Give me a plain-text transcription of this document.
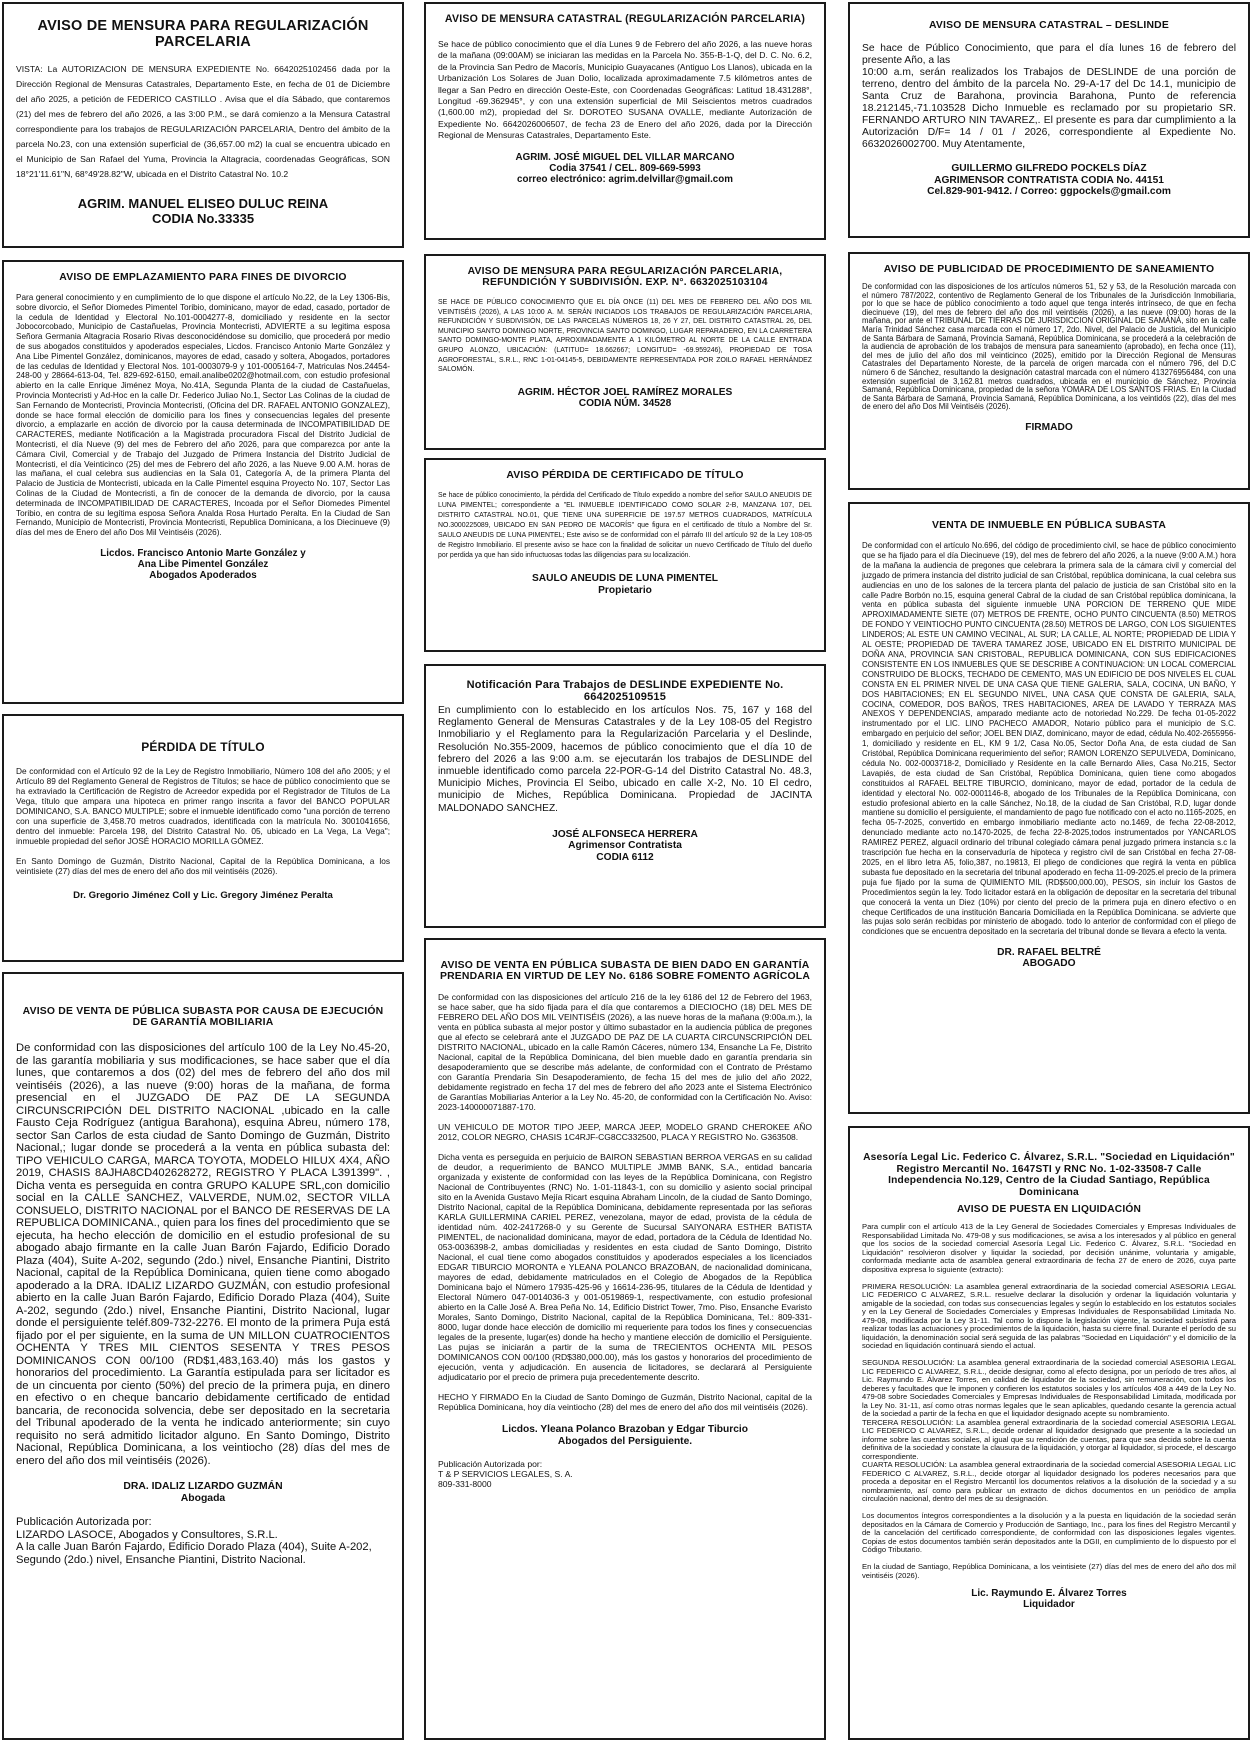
AVISO DE MENSURA PARA REGULARIZACIÓN PARCELARIA
VISTA: La AUTORIZACION DE MENSURA EXPEDIENTE No. 6642025102456 dada por la Dirección Regional de Mensuras Catastrales, Departamento Este, en fecha de 01 de Diciembre del año 2025, a petición de FEDERICO CASTILLO . Avisa que el día Sábado, que contaremos (21) del mes de febrero del año 2026, a las 3:00 P.M., se dará comienzo a la Mensura Catastral correspondiente para los trabajos de REGULARIZACIÓN PARCELARIA, Dentro del ámbito de la parcela No.23, con una extensión superficial de (36,657.00 m2) la cual se encuentra ubicado en el Municipio de San Rafael del Yuma, Provincia la Altagracia, coordenadas Geográficas, SON 18°21'11.61"N, 68°49'28.82"W, ubicada en el Distrito Catastral No. 10.2
AGRIM. MANUEL ELISEO DULUC REINA
CODIA No.33335
AVISO DE EMPLAZAMIENTO PARA FINES DE DIVORCIO
Para general conocimiento y en cumplimiento de lo que dispone el artículo No.22, de la Ley 1306-Bis, sobre divorcio, el Señor Diomedes Pimentel Toribio, dominicano, mayor de edad, casado, portador de la cedula de Identidad y Electoral No.101-0004277-8, domiciliado y residente en la sector Jobocorcobado, Municipio de Castañuelas, Provincia Montecristi, ADVIERTE a su legitima esposa Señora Germania Altagracia Rosario Rivas desconocidéndose su domicilio, que procederá por medio de sus abogados constituidos y apoderados especiales, Licdos. Francisco Antonio Marte González y Ana Libe Pimentel González, dominicanos, mayores de edad, casado y soltera, Abogados, portadores de las cedulas de Identidad y Electoral Nos. 101-0003079-9 y 101-0005164-7, Matriculas Nos.24454-248-00 y 28664-613-04, Tel. 829-692-6150, email.analibe0202@hotmail.com, con estudio profesional abierto en la calle Enrique Jiménez Moya, No.41A, Segunda Planta de la ciudad de Castañuelas, Provincia Montecristi y Ad-Hoc en la calle Dr. Federico Juliao No.1, Sector Las Colinas de la ciudad de San Fernando de Montecristi, Provincia Montecristi, (Oficina del DR. RAFAEL ANTONIO GONZALEZ), donde se hace formal elección de domicilio para los fines y consecuencias legales del presente divorcio, a emplazarle en acción de divorcio por la causa determinada de INCOMPATIBILIDAD DE CARACTERES, mediante Notificación a la Magistrada procuradora Fiscal del Distrito Judicial de Montecristi, el día Nueve (9) del mes de Febrero del año 2026, para que comparezca por ante la Cámara Civil, Comercial y de Trabajo del Juzgado de Primera Instancia del Distrito Judicial de Montecristi, el día Veinticinco (25) del mes de Febrero del año 2026, a las Nueve 9.00 A.M. horas de las mañana, el cual celebra sus audiencias en la Sala 01, Categoría A, de la primera Planta del Palacio de Justicia de Montecristi, ubicada en la Calle Pimentel esquina Proyecto No. 107, Sector Las Colinas de la Ciudad de Montecristi, a fin de conocer de la demanda de divorcio, por la causa determinada de INCOMPATIBILIDAD DE CARACTERES, Incoada por el Señor Diomedes Pimentel Toribio, en contra de su legítima esposa Señora Analda Rosa Hurtado Peralta. En la Ciudad de San Fernando, Municipio de Montecristi, Provincia Montecristi, Republica Dominicana, a los Diecinueve (9) días del mes de Enero del año Dos Mil Veintiséis (2026).
Licdos. Francisco Antonio Marte González y
Ana Libe Pimentel González
Abogados Apoderados
PÉRDIDA DE TÍTULO
De conformidad con el Artículo 92 de la Ley de Registro Inmobiliario, Número 108 del año 2005; y el Artículo 89 del Reglamento General de Registros de Títulos; se hace de público conocimiento que se ha extraviado la Certificación de Registro de Acreedor expedida por el Registrador de Títulos de La Vega, título que ampara una hipoteca en primer rango inscrita a favor del BANCO POPULAR DOMINICANO, S.A. BANCO MULTIPLE; sobre el inmueble identificado como "una porción de terreno con una superficie de 3,458.70 metros cuadrados, identificada con la matrícula No. 3001041656, dentro del inmueble: Parcela 198, del Distrito Catastral No. 05, ubicado en La Vega, La Vega"; inmueble propiedad del señor JOSÉ HORACIO MORILLA GÓMEZ.

En Santo Domingo de Guzmán, Distrito Nacional, Capital de la República Dominicana, a los veintisiete (27) días del mes de enero del año dos mil veintiséis (2026).
Dr. Gregorio Jiménez Coll y Lic. Gregory Jiménez Peralta
AVISO DE VENTA DE PÚBLICA SUBASTA POR CAUSA DE EJECUCIÓN DE GARANTÍA MOBILIARIA
De conformidad con las disposiciones del artículo 100 de la Ley No.45-20, de las garantía mobiliaria y sus modificaciones, se hace saber que el día lunes, que contaremos a dos (02) del mes de febrero del año dos mil veintiséis (2026), a las nueve (9:00) horas de la mañana, de forma presencial en el JUZGADO DE PAZ DE LA SEGUNDA CIRCUNSCRIPCIÓN DEL DISTRITO NACIONAL ,ubicado en la calle Fausto Ceja Rodríguez (antigua Barahona), esquina Abreu, número 178, sector San Carlos de esta ciudad de Santo Domingo de Guzmán, Distrito Nacional,; lugar donde se procederá a la venta en pública subasta del: TIPO VEHICULO CARGA, MARCA TOYOTA, MODELO HILUX 4X4, AÑO 2019, CHASIS 8AJHA8CD402628272, REGISTRO Y PLACA L391399". , Dicha venta es perseguida en contra GRUPO KALUPE SRL,con domicilio social en la CALLE SANCHEZ, VALVERDE, NUM.02, SECTOR VILLA CONSUELO, DISTRITO NACIONAL por el BANCO DE RESERVAS DE LA REPUBLICA DOMINICANA., quien para los fines del procedimiento que se ejecuta, ha hecho elección de domicilio en el estudio profesional de su abogado abajo firmante en la calle Juan Barón Fajardo, Edificio Dorado Plaza (404), Suite A-202, segundo (2do.) nivel, Ensanche Piantini, Distrito Nacional, capital de la República Dominicana, quien tiene como abogado apoderado a la DRA. IDALIZ LIZARDO GUZMÁN, con estudio profesional abierto en la calle Juan Barón Fajardo, Edificio Dorado Plaza (404), Suite A-202, segundo (2do.) nivel, Ensanche Piantini, Distrito Nacional, lugar donde el persiguiente teléf.809-732-2276. El monto de la primera Puja está fijado por el per siguiente, en la suma de UN MILLON CUATROCIENTOS OCHENTA Y TRES MIL CIENTOS SESENTA Y TRES PESOS DOMINICANOS CON 00/100 (RD$1,483,163.40) más los gastos y honorarios del procedimiento. La Garantía estipulada para ser licitador es de un cincuenta por ciento (50%) del precio de la primera puja, en dinero en efectivo o en cheque bancario debidamente certificado de entidad bancaria, de reconocida solvencia, debe ser depositado en la secretaria del Tribunal apoderado de la venta he indicado anteriormente; sin cuyo requisito no será admitido licitador alguno. En Santo Domingo, Distrito Nacional, República Dominicana, a los veintiocho (28) días del mes de enero del año dos mil veintiséis (2026).
DRA. IDALIZ LIZARDO GUZMÁN
Abogada
Publicación Autorizada por:
LIZARDO LASOCE, Abogados y Consultores, S.R.L.
A la calle Juan Barón Fajardo, Edificio Dorado Plaza (404), Suite A-202, Segundo (2do.) nivel, Ensanche Piantini, Distrito Nacional.
AVISO DE MENSURA CATASTRAL (REGULARIZACIÓN PARCELARIA)
Se hace de público conocimiento que el día Lunes 9 de Febrero del año 2026, a las nueve horas de la mañana (09:00AM) se iniciaran las medidas en la Parcela No. 355-B-1-Q, del D. C. No. 6.2, de la Provincia San Pedro de Macorís, Municipio Guayacanes (Antiguo Los Llanos), ubicada en la Urbanización Los Solares de Juan Dolio, localizada aproximadamente 7.5 kilómetros antes de llegar a San Pedro en dirección Oeste-Este, con Coordenadas Geográficas: Latitud 18.431288°, Longitud -69.362945°, y con una extensión superficial de Mil Seiscientos metros cuadrados (1,600.00 m2), propiedad del Sr. DOROTEO SUSANA OVALLE, mediante Autorización de Expediente No. 6642026006507, de fecha 23 de Enero del año 2026, dada por la Dirección Regional de Mensuras Catastrales, Departamento Este.
AGRIM. JOSÉ MIGUEL DEL VILLAR MARCANO
Codia 37541 / CEL. 809-669-5993
correo electrónico: agrim.delvillar@gmail.com
AVISO DE MENSURA PARA REGULARIZACIÓN PARCELARIA, REFUNDICIÓN Y SUBDIVISIÓN. EXP. N°. 6632025103104
SE HACE DE PÚBLICO CONOCIMIENTO QUE EL DÍA ONCE (11) DEL MES DE FEBRERO DEL AÑO DOS MIL VEINTISÉIS (2026), A LAS 10:00 A. M. SERÁN INICIADOS LOS TRABAJOS DE REGULARIZACIÓN PARCELARIA, REFUNDICIÓN Y SUBDIVISIÓN, DE LAS PARCELAS NÚMEROS 18, 26 Y 27, DEL DISTRITO CATASTRAL 26, DEL MUNICIPIO SANTO DOMINGO NORTE, PROVINCIA SANTO DOMINGO, LUGAR REPARADERO, EN LA CARRETERA SANTO DOMINGO-MONTE PLATA, APROXIMADAMENTE A 1 KILÓMETRO AL NORTE DE LA CALLE ENTRADA GRUPO ALONZO, UBICACIÓN: (LATITUD= 18.662667; LONGITUD= -69.959246), PROPIEDAD DE TOSA AGROFORESTAL, S.R.L., RNC 1-01-04145-5, DEBIDAMENTE REPRESENTADA POR ZOILO RAFAEL HERNÁNDEZ SALOMÓN.
AGRIM. HÉCTOR JOEL RAMÍREZ MORALES
CODIA NÚM. 34528
AVISO PÉRDIDA DE CERTIFICADO DE TÍTULO
Se hace de público conocimiento, la pérdida del Certificado de Título expedido a nombre del señor SAULO ANEUDIS DE LUNA PIMENTEL; correspondiente a "EL INMUEBLE IDENTIFICADO COMO SOLAR 2-B, MANZANA 107, DEL DISTRITO CATASTRAL NO.01, QUE TIENE UNA SUPERFICIE DE 197.57 METROS CUADRADOS, MATRÍCULA NO.3000225089, UBICADO EN SAN PEDRO DE MACORÍS" que figura en el certificado de título a Nombre del Sr. SAULO ANEUDIS DE LUNA PIMENTEL; Este aviso se de conformidad con el párrafo III del artículo 92 de la Ley 108-05 de Registro Inmobiliario. El presente aviso se hace con la finalidad de solicitar un nuevo Certificado de Título del dueño por perdida ya que han sido infructuosas todas las diligencias para su localización.
SAULO ANEUDIS DE LUNA PIMENTEL
Propietario
Notificación Para Trabajos de DESLINDE EXPEDIENTE No. 6642025109515
En cumplimiento con lo establecido en los artículos Nos. 75, 167 y 168 del Reglamento General de Mensuras Catastrales y de la Ley 108-05 del Registro Inmobiliario y el Reglamento para la Regularización Parcelaria y el Deslinde, Resolución No.355-2009, hacemos de público conocimiento que el día 10 de febrero del 2026 a las 9:00 a.m. se ejecutarán los trabajos de DESLINDE del inmueble identificado como parcela 22-POR-G-14 del Distrito Catastral No. 48.3, Municipio Miches, Provincia El Seibo, ubicado en calle X-2, No. 10 El cedro, municipio de Miches, República Dominicana. Propiedad de JACINTA MALDONADO SANCHEZ.
JOSÉ ALFONSECA HERRERA
Agrimensor Contratista
CODIA 6112
AVISO DE VENTA EN PÚBLICA SUBASTA DE BIEN DADO EN GARANTÍA PRENDARIA EN VIRTUD DE LEY No. 6186 SOBRE FOMENTO AGRÍCOLA
De conformidad con las disposiciones del artículo 216 de la ley 6186 del 12 de Febrero del 1963, se hace saber, que ha sido fijada para el día que contaremos a DIECIOCHO (18) DEL MES DE FEBRERO DEL AÑO DOS MIL VEINTISÉIS (2026), a las nueve horas de la mañana (9:00a.m.), la venta en pública subasta al mejor postor y último subastador en la audiencia pública de pregones que al efecto se celebrará ante el JUZGADO DE PAZ DE LA CUARTA CIRCUNSCRIPCIÓN DEL DISTRITO NACIONAL, ubicado en la calle Ramón Cáceres, número 134, Ensanche La Fe, Distrito Nacional, capital de la República Dominicana, del bien mueble dado en garantía prendaria sin desapoderamiento que se describe más adelante, de conformidad con el Contrato de Préstamo con Garantía Prendaria Sin Desapoderamiento, de fecha 15 del mes de julio del año 2022, debidamente registrado en fecha 17 del mes de febrero del año 2023 ante el Sistema Electrónico de Garantías Mobiliarias Anterior a la Ley No. 45-20, de conformidad con la Certificación No. Aviso: 2023-140000071887-170.

UN VEHICULO DE MOTOR TIPO JEEP, MARCA JEEP, MODELO GRAND CHEROKEE AÑO 2012, COLOR NEGRO, CHASIS 1C4RJF-CG8CC332500, PLACA Y REGISTRO No. G363508.

Dicha venta es perseguida en perjuicio de BAIRON SEBASTIAN BERROA VERGAS en su calidad de deudor, a requerimiento de BANCO MULTIPLE JMMB BANK, S.A., entidad bancaria organizada y existente de conformidad con las leyes de la República Dominicana, con Registro Nacional de Contribuyentes (RNC) No. 1-01-11843-1, con su domicilio y asiento social principal sito en la Avenida Gustavo Mejía Ricart esquina Abraham Lincoln, de la ciudad de Santo Domingo, Distrito Nacional, capital de la República Dominicana, debidamente representada por las señoras KARLA GUILLERMINA CARIEL PEREZ, venezolana, mayor de edad, provista de la cédula de identidad núm. 402-2417268-0 y su Gerente de Sucursal SAIYONARA ESTHER BATISTA PIMENTEL, de nacionalidad dominicana, mayor de edad, portadora de la Cédula de Identidad No. 053-0036398-2, ambas domiciliadas y residentes en esta ciudad de Santo Domingo, Distrito Nacional, el cual tiene como abogados constituidos y apoderados especiales a los licenciados EDGAR TIBURCIO MORONTA e YLEANA POLANCO BRAZOBAN, de nacionalidad dominicana, mayores de edad, debidamente matriculados en el Colegio de Abogados de la República Dominicana bajo el Número 17935-425-96 y 16614-236-95, titulares de la Cédula de Identidad y Electoral Número 047-0014036-3 y 001-0519869-1, respectivamente, con estudio profesional abierto en la Calle José A. Brea Peña No. 14, Edificio District Tower, 7mo. Piso, Ensanche Evaristo Morales, Santo Domingo, Distrito Nacional, capital de la República Dominicana, Tel.: 809-331-8000, lugar donde hace elección de domicilio mi requeriente para todos los fines y consecuencias legales de la presente, lugar(es) donde ha hecho y mantiene elección de domicilio el Persiguiente. Las pujas se iniciarán a partir de la suma de TRECIENTOS OCHENTA MIL PESOS DOMINICANOS CON 00/100 (RD$380,000.00), más los gastos y honorarios del procedimiento de ejecución, venta y adjudicación. En ausencia de licitadores, se declarará al Persiguiente adjudicatario por el precio de primera puja precedentemente descrito.

HECHO Y FIRMADO En la Ciudad de Santo Domingo de Guzmán, Distrito Nacional, capital de la República Dominicana, hoy día veintiocho (28) del mes de enero del año dos mil veintiséis (2026).
Licdos. Yleana Polanco Brazoban y Edgar Tiburcio
Abogados del Persiguiente.
Publicación Autorizada por:
T & P SERVICIOS LEGALES, S. A.
809-331-8000
AVISO DE MENSURA CATASTRAL – DESLINDE
Se hace de Público Conocimiento, que para el día lunes 16 de febrero del presente Año, a las
10:00 a.m, serán realizados los Trabajos de DESLINDE de una porción de terreno, dentro del ámbito de la parcela No. 29-A-17 del Dc 14.1, municipio de Santa Cruz de Barahona, provincia Barahona, Punto de referencia 18.212145,-71.103528 Dicho Inmueble es reclamado por su propietario SR. FERNANDO ARTURO NIN TAVAREZ,. El presente es para dar cumplimiento a la Autorización D/F= 14 / 01 / 2026, correspondiente al Expediente No. 6632026002700. Muy Atentamente,
GUILLERMO GILFREDO POCKELS DÍAZ
AGRIMENSOR CONTRATISTA CODIA No. 44151
Cel.829-901-9412. / Correo: ggpockels@gmail.com
AVISO DE PUBLICIDAD DE PROCEDIMIENTO DE SANEAMIENTO
De conformidad con las disposiciones de los artículos números 51, 52 y 53, de la Resolución marcada con el número 787/2022, contentivo de Reglamento General de los Tribunales de la Jurisdicción Inmobiliaria, por lo que se hace de público conocimiento a todo aquel que tenga interés intrínseco, de que en fecha diecinueve (19), del mes de febrero del año dos mil veintiséis (2026), a las nueve (09:00) horas de la mañana, por ante el TRIBUNAL DE TIERRAS DE JURISDICCION ORIGINAL DE SAMANÁ, sito en la calle María Trinidad Sánchez casa marcada con el número 17, 2do. Nivel, del Palacio de Justicia, del Municipio de Santa Bárbara de Samaná, Provincia Samaná, República Dominicana, se procederá a la celebración de la audiencia de aprobación de los trabajos de mensura para saneamiento (aprobado), en fecha once (11), del mes de julio del año dos mil veinticinco (2025), emitido por la Dirección Regional de Mensuras Catastrales del Departamento Noreste, de la parcela de origen marcada con el número 796, del D.C número 6 de Sánchez, resultando la designación catastral marcada con el número 413276956484, con una extensión superficial de 3,162.81 metros cuadrados, ubicada en el municipio de Sánchez, Provincia Samaná, República Dominicana, propiedad de la señora YOMARA DE LOS SANTOS FRIAS. En la Ciudad de Santa Bárbara de Samaná, Provincia Samaná, República Dominicana, a los veintidós (22), días del mes de enero del año Dos Mil Veintiséis (2026).
FIRMADO
VENTA DE INMUEBLE EN PÚBLICA SUBASTA
De conformidad con el artículo No.696, del código de procedimiento civil, se hace de público conocimiento que se ha fijado para el día Diecinueve (19), del mes de febrero del año 2026, a la nueve (9:00 A.M.) hora de la mañana la audiencia de pregones que celebrara la primera sala de la cámara civil y comercial del juzgado de primera instancia del distrito judicial de san Cristóbal, república dominicana, la cual celebra sus audiencias en uno de los salones de la tercera planta del palacio de justicia de san Cristóbal sito en la calle Padre Borbón no.15, esquina general Cabral de la ciudad de san Cristóbal república dominicana, la venta en pública subasta del siguiente inmueble UNA PORCION DE TERRENO QUE MIDE APROXIMADAMENTE SIETE (07) METROS DE FRENTE, OCHO PUNTO CINCUENTA (8.50) METROS DE FONDO Y VEINTIOCHO PUNTO CINCUENTA (28.50) METROS DE LARGO, CON LOS SIGUIENTES LINDEROS; AL ESTE UN CAMINO VECINAL, AL SUR; LA CALLE, AL NORTE; PROPIEDAD DE LIDIA Y AL OESTE; PROPIEDAD DE TAVERA TAMAREZ JOSE, UBICADO EN EL DISTRITO MUNICIPAL DE DOÑA ANA, PROVINCIA SAN CRISTOBAL, REPUBLICA DOMINICANA, CON SUS EDIFICACIONES CONSISTENTE EN LOS INMUEBLES QUE SE DESCRIBE A CONTINUACION: UN LOCAL COMERCIAL CONSTRUIDO DE BLOCKS, TECHADO DE CEMENTO, MAS UN EDIFICIO DE DOS NIVELES EL CUAL CONSTA EN EL PRIMER NIVEL DE UNA CASA QUE TIENE GALERIA, SALA, COCINA, UN BAÑO, Y DOS HABITACIONES; EN EL SEGUNDO NIVEL, UNA CASA QUE CONSTA DE GALERIA, SALA, COCINA, COMEDOR, DOS BAÑOS, TRES HABITACIONES, AREA DE LAVADO Y TERRAZA MAS ANEXOS Y DEPENDENCIAS, amparado mediante acto de notoriedad No.229. De fecha 01-05-2022 instrumentado por el LIC. LINO PACHECO AMADOR, Notario público para el municipio de S.C. embargado en perjuicio del señor; JOEL BEN DIAZ, dominicano, mayor de edad, cédula No.402-2655956-1, domiciliado y residente en EL, KM 9 1/2, Casa No.05, Sector Doña Ana, de esta ciudad de San Cristóbal, República Dominicana requerimiento del señor; RAMON LORENZO SEPULVEDA, Dominicano, cédula No. 002-0003718-2, Domiciliado y Residente en la calle Bernardo Alies, Casa No.215, Sector Lavapiés, de esta ciudad de San Cristóbal, República Dominicana, quien tiene como abogados constituidos al RAFAEL BELTRE TIBURCIO, dominicano, mayor de edad, portador de la cedula de identidad y electoral No. 002-0001146-8, abogado de los Tribunales de la República Dominicana, con estudio profesional abierto en la calle Sánchez, No.18, de la ciudad de San Cristóbal, R.D, lugar donde mantiene su domicilio el persiguiente, el mandamiento de pago fue notificado con el acto no.1165-2025, en fecha 05-7-2025, convertido en embargo inmobiliario mediante acto no.1469, de fecha 22-08-2012, denunciado mediante acto no.1470-2025, de fecha 22-8-2025,todos instrumentados por YANCARLOS RAMIREZ PEREZ, alguacil ordinario del tribunal colegiado cámara penal juzgado primera instancia s.c la trascripción fue hecha en la conservaduría de hipoteca y registro civil de san Cristóbal en fecha 27-08-2025, en el libro letra A5, folio,387, no.19813, El pliego de condiciones que regirá la venta en pública subasta fue depositado en la secretaria del tribunal apoderado en fecha 11-09-2025.el precio de la primera puja fue fijado por la suma de QUIMIENTO MIL (RD$500,000.00), PESOS, sin incluir los Gastos de Procedimientos según la ley. Todo licitador estará en la obligación de depositar en la secretaria del tribunal que conocerá la venta un Diez (10%) por ciento del precio de la primera puja en dinero efectivo o en cheque Certificados de una institución Bancaria Domiciliada en la República Dominicana. se advierte que las pujas solo serán recibidas por ministerio de abogado. todo lo anterior de conformidad con el pliego de condiciones que se encuentra depositado en la secretaria del tribunal donde se llevara a efecto la venta.
DR. RAFAEL BELTRÉ
ABOGADO
Asesoría Legal Lic. Federico C. Álvarez, S.R.L. "Sociedad en Liquidación" Registro Mercantil No. 1647STI y RNC No. 1-02-33508-7 Calle Independencia No.129, Centro de la Ciudad Santiago, República Dominicana
AVISO DE PUESTA EN LIQUIDACIÓN
Para cumplir con el artículo 413 de la Ley General de Sociedades Comerciales y Empresas Individuales de Responsabilidad Limitada No. 479-08 y sus modificaciones, se avisa a los interesados y al público en general que los socios de la sociedad comercial Asesoría Legal Lic. Federico C. Álvarez, S.R.L. "Sociedad en Liquidación" resolvieron disolver y liquidar la sociedad, por decisión unánime, voluntaria y amigable, conformada mediante acta de asamblea general extraordinaria de fecha 27 de enero de 2026, cuya parte dispositiva expresa lo siguiente (extracto):

PRIMERA RESOLUCIÓN: La asamblea general extraordinaria de la sociedad comercial ASESORIA LEGAL LIC FEDERICO C ALVAREZ, S.R.L. resuelve declarar la disolución y ordenar la liquidación voluntaria y amigable de la sociedad, con todas sus consecuencias legales y según lo establecido en los estatutos sociales y en la Ley General de Sociedades Comerciales y Empresas Individuales de Responsabilidad Limitada No. 479-08, modificada por la Ley 31-11. Tal como lo dispone la legislación vigente, la sociedad subsistirá para realizar todas las actuaciones y procedimientos de la liquidación, hasta su cierre final. Durante el período de su liquidación, la denominación social será seguida de las palabras "Sociedad en Liquidación" y el domicilio de la sociedad en liquidación continuará siendo el actual.

SEGUNDA RESOLUCIÓN: La asamblea general extraordinaria de la sociedad comercial ASESORIA LEGAL LIC FEDERICO C ALVAREZ, S.R.L., decide designar, como al efecto designa, por un período de tres años, al Lic. Raymundo E. Álvarez Torres, en calidad de liquidador de la sociedad, sin remuneración, con todos los deberes y facultades que le imponen y confieren los estatutos sociales y los artículos 408 a 449 de la Ley No. 479-08 sobre Sociedades Comerciales y Empresas Individuales de Responsabilidad Limitada, modificada por la Ley No. 31-11, así como otras normas legales que le sean aplicables, quedando cesante la gerencia actual de la sociedad a partir de la fecha en que el liquidador designado acepte su nombramiento.
TERCERA RESOLUCIÓN: La asamblea general extraordinaria de la sociedad comercial ASESORIA LEGAL LIC FEDERICO C ALVAREZ, S.R.L., decide ordenar al liquidador designado que presente a la sociedad un informe sobre las cuentas sociales, al igual que su rendición de cuentas, para que sea decida sobre la cuenta definitiva de la sociedad y constate la clausura de la liquidación, y otorgar al liquidador, si procede, el descargo correspondiente.
CUARTA RESOLUCIÓN: La asamblea general extraordinaria de la sociedad comercial ASESORIA LEGAL LIC FEDERICO C ALVAREZ, S.R.L., decide otorgar al liquidador designado los poderes necesarios para que proceda a depositar en el Registro Mercantil los documentos relativos a la disolución de la sociedad y a su nombramiento, así como para publicar un extracto de dichos documentos en un periódico de amplia circulación nacional, dentro del mes de su designación.

Los documentos íntegros correspondientes a la disolución y a la puesta en liquidación de la sociedad serán depositados en la Cámara de Comercio y Producción de Santiago, Inc., para los fines del Registro Mercantil y de la cancelación del certificado correspondiente, de conformidad con las disposiciones legales vigentes. Copias de estos documentos también serán depositados ante la DGII, en cumplimiento de lo dispuesto por el Código Tributario.

En la ciudad de Santiago, República Dominicana, a los veintisiete (27) días del mes de enero del año dos mil veintiséis (2026).
Lic. Raymundo E. Álvarez Torres
Liquidador
